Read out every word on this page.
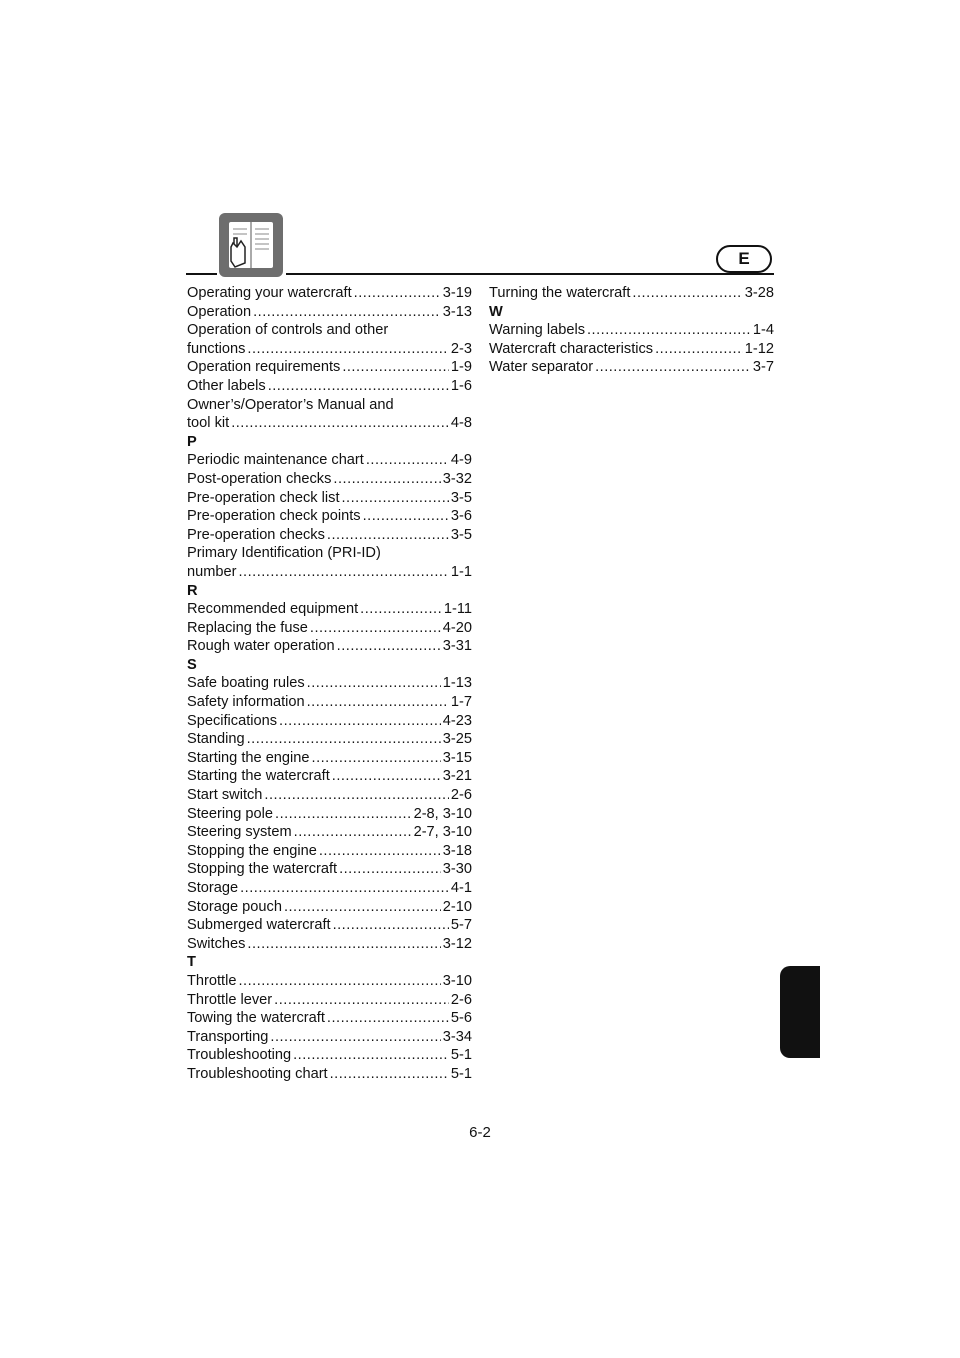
E
Operating your watercraft .....	3-19
Operation .....	3-13
Operation of controls and other
functions .....	2-3
Operation requirements .....	1-9
Other labels .....	1-6
Owner’s/Operator’s Manual and
tool kit .....	4-8
P
Periodic maintenance chart .....	4-9
Post-operation checks .....	3-32
Pre-operation check list .....	3-5
Pre-operation check points .....	3-6
Pre-operation checks .....	3-5
Primary Identification (PRI-ID)
number .....	1-1
R
Recommended equipment .....	1-11
Replacing the fuse .....	4-20
Rough water operation .....	3-31
S
Safe boating rules .....	1-13
Safety information .....	1-7
Specifications .....	4-23
Standing .....	3-25
Starting the engine .....	3-15
Starting the watercraft .....	3-21
Start switch .....	2-6
Steering pole .....	2-8, 3-10
Steering system .....	2-7, 3-10
Stopping the engine .....	3-18
Stopping the watercraft .....	3-30
Storage .....	4-1
Storage pouch .....	2-10
Submerged watercraft .....	5-7
Switches .....	3-12
T
Throttle .....	3-10
Throttle lever .....	2-6
Towing the watercraft .....	5-6
Transporting .....	3-34
Troubleshooting .....	5-1
Troubleshooting chart .....	5-1
Turning the watercraft .....	3-28
W
Warning labels .....	1-4
Watercraft characteristics .....	1-12
Water separator .....	3-7
6-2
